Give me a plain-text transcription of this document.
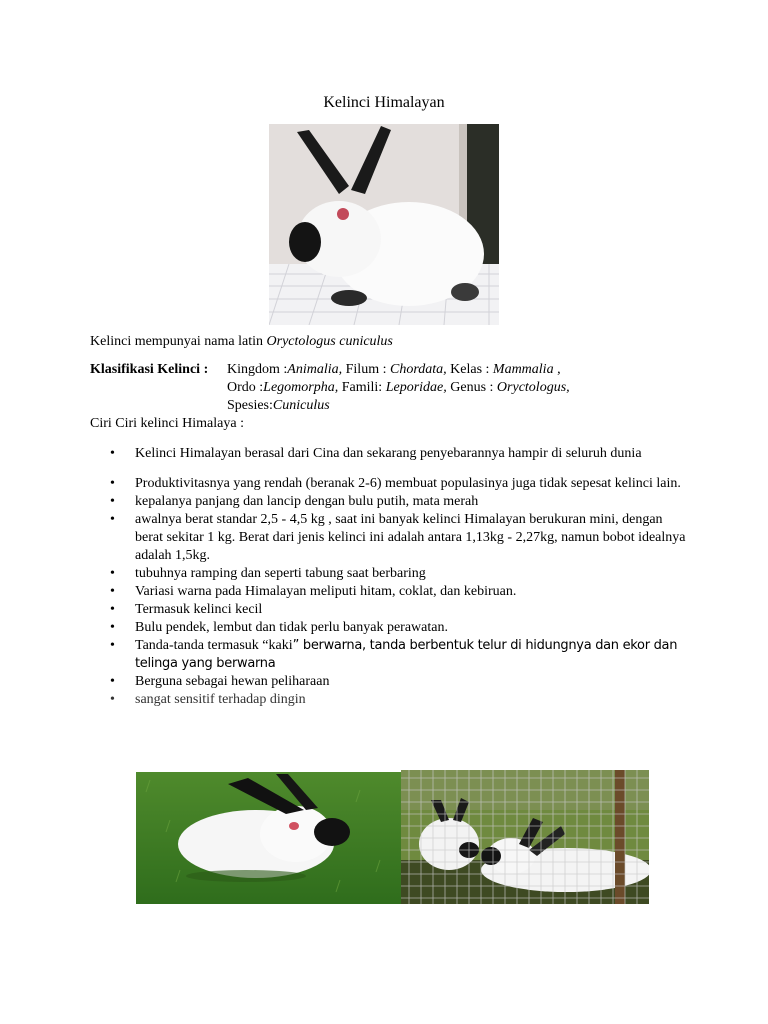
Kelinci Himalayan
Kelinci mempunyai nama latin Oryctologus cuniculus
Klasifikasi Kelinci : Kingdom :Animalia, Filum : Chordata, Kelas : Mammalia ,
Ordo :Legomorpha, Famili: Leporidae, Genus : Oryctologus,
Spesies:Cuniculus
Ciri Ciri kelinci Himalaya :
• Kelinci Himalayan berasal dari Cina dan sekarang penyebarannya hampir di seluruh dunia
• Produktivitasnya yang rendah (beranak 2-6) membuat populasinya juga tidak sepesat kelinci lain.
• kepalanya panjang dan lancip dengan bulu putih, mata merah
• awalnya berat standar 2,5 - 4,5 kg , saat ini banyak kelinci Himalayan berukuran mini, dengan berat sekitar 1 kg. Berat dari jenis kelinci ini adalah antara 1,13kg - 2,27kg, namun bobot idealnya adalah 1,5kg.
• tubuhnya ramping dan seperti tabung saat berbaring
• Variasi warna pada Himalayan meliputi hitam, coklat, dan kebiruan.
• Termasuk kelinci kecil
• Bulu pendek, lembut dan tidak perlu banyak perawatan.
• Tanda-tanda termasuk “kaki” berwarna, tanda berbentuk telur di hidungnya dan ekor dan telinga yang berwarna
• Berguna sebagai hewan peliharaan
• sangat sensitif terhadap dingin
